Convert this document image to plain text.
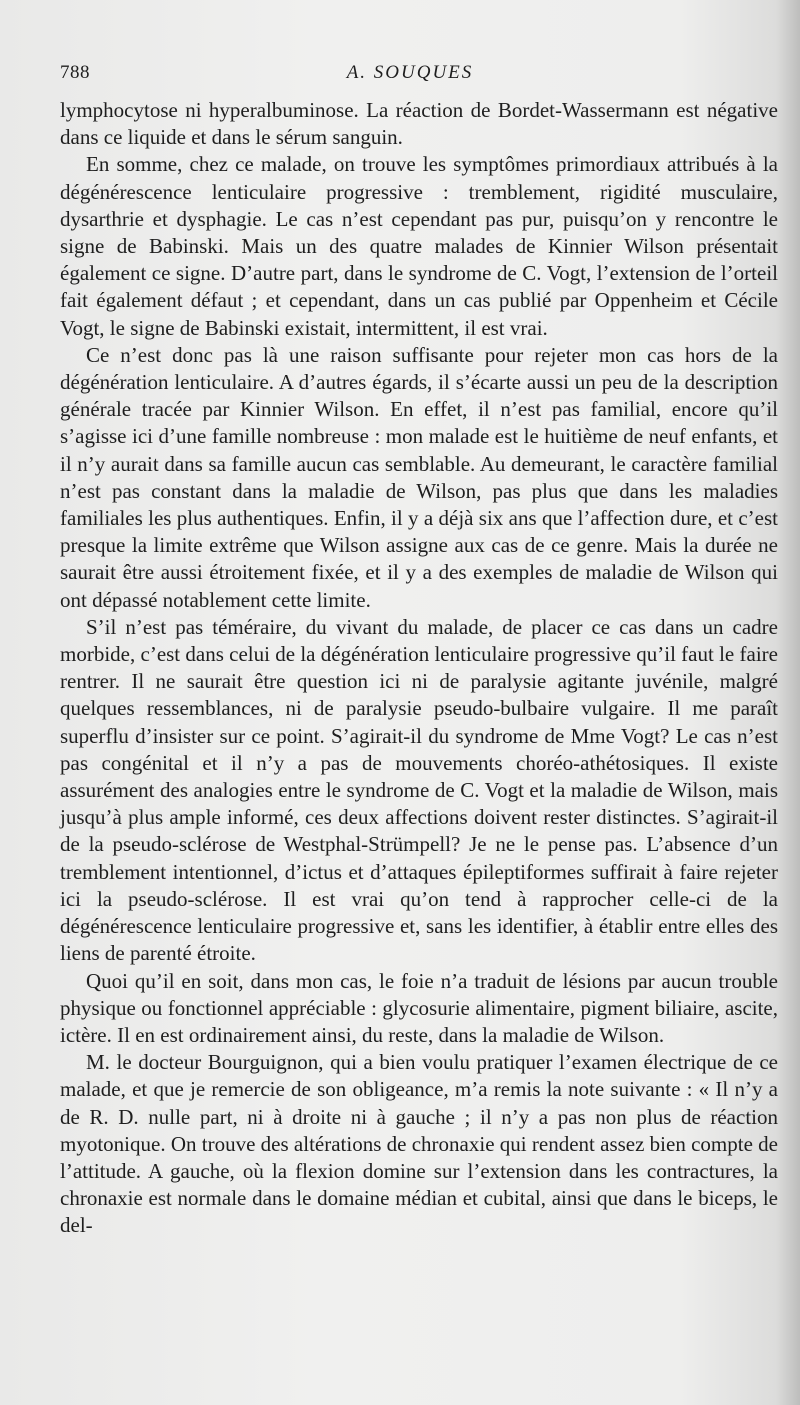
788	A. SOUQUES

lymphocytose ni hyperalbuminose. La réaction de Bordet-Wassermann est négative dans ce liquide et dans le sérum sanguin.

En somme, chez ce malade, on trouve les symptômes primordiaux attribués à la dégénérescence lenticulaire progressive : tremblement, rigidité musculaire, dysarthrie et dysphagie. Le cas n’est cependant pas pur, puisqu’on y rencontre le signe de Babinski. Mais un des quatre malades de Kinnier Wilson présentait également ce signe. D’autre part, dans le syndrome de C. Vogt, l’extension de l’orteil fait également défaut ; et cependant, dans un cas publié par Oppenheim et Cécile Vogt, le signe de Babinski existait, intermittent, il est vrai.

Ce n’est donc pas là une raison suffisante pour rejeter mon cas hors de la dégénération lenticulaire. A d’autres égards, il s’écarte aussi un peu de la description générale tracée par Kinnier Wilson. En effet, il n’est pas familial, encore qu’il s’agisse ici d’une famille nombreuse : mon malade est le huitième de neuf enfants, et il n’y aurait dans sa famille aucun cas semblable. Au demeurant, le caractère familial n’est pas constant dans la maladie de Wilson, pas plus que dans les maladies familiales les plus authentiques. Enfin, il y a déjà six ans que l’affection dure, et c’est presque la limite extrême que Wilson assigne aux cas de ce genre. Mais la durée ne saurait être aussi étroitement fixée, et il y a des exemples de maladie de Wilson qui ont dépassé notablement cette limite.

S’il n’est pas téméraire, du vivant du malade, de placer ce cas dans un cadre morbide, c’est dans celui de la dégénération lenticulaire progressive qu’il faut le faire rentrer. Il ne saurait être question ici ni de paralysie agitante juvénile, malgré quelques ressemblances, ni de paralysie pseudo-bulbaire vulgaire. Il me paraît superflu d’insister sur ce point. S’agirait-il du syndrome de Mme Vogt? Le cas n’est pas congénital et il n’y a pas de mouvements choréo-athétosiques. Il existe assurément des analogies entre le syndrome de C. Vogt et la maladie de Wilson, mais jusqu’à plus ample informé, ces deux affections doivent rester distinctes. S’agirait-il de la pseudo-sclérose de Westphal-Strümpell? Je ne le pense pas. L’absence d’un tremblement intentionnel, d’ictus et d’attaques épileptiformes suffirait à faire rejeter ici la pseudo-sclérose. Il est vrai qu’on tend à rapprocher celle-ci de la dégénérescence lenticulaire progressive et, sans les identifier, à établir entre elles des liens de parenté étroite.

Quoi qu’il en soit, dans mon cas, le foie n’a traduit de lésions par aucun trouble physique ou fonctionnel appréciable : glycosurie alimentaire, pigment biliaire, ascite, ictère. Il en est ordinairement ainsi, du reste, dans la maladie de Wilson.

M. le docteur Bourguignon, qui a bien voulu pratiquer l’examen électrique de ce malade, et que je remercie de son obligeance, m’a remis la note suivante : « Il n’y a de R. D. nulle part, ni à droite ni à gauche ; il n’y a pas non plus de réaction myotonique. On trouve des altérations de chronaxie qui rendent assez bien compte de l’attitude. A gauche, où la flexion domine sur l’extension dans les contractures, la chronaxie est normale dans le domaine médian et cubital, ainsi que dans le biceps, le del-
